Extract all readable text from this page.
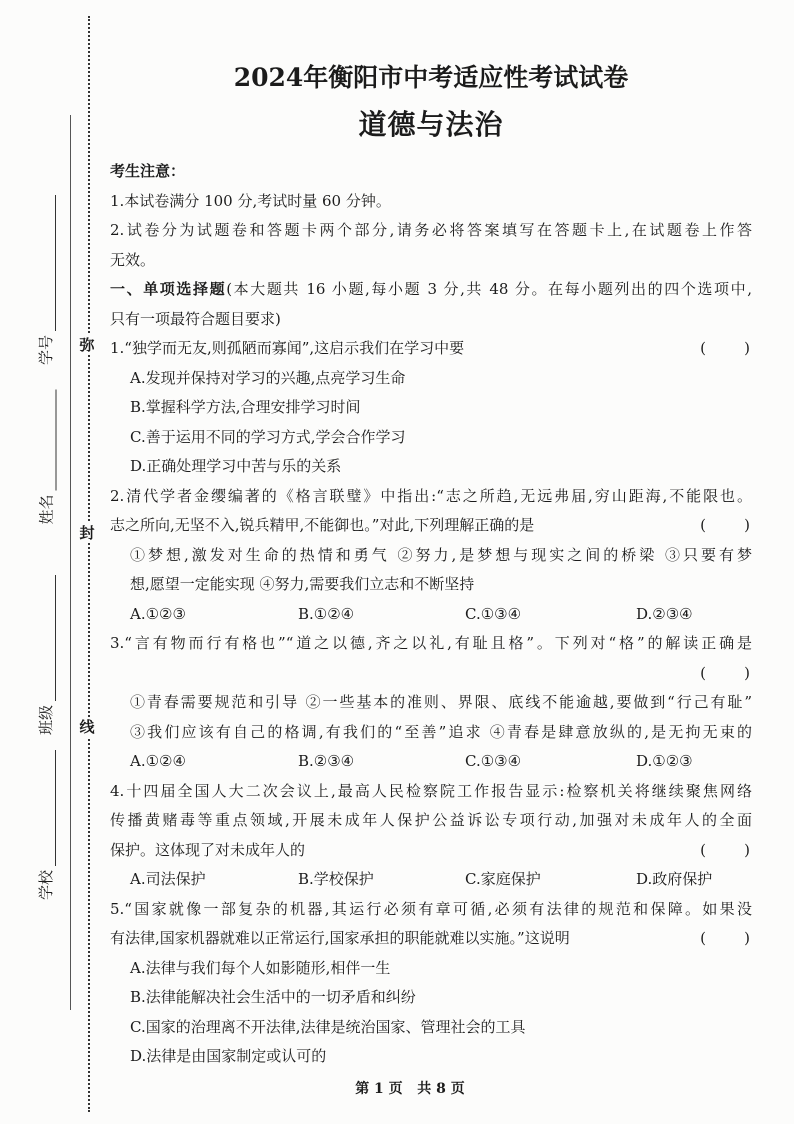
学号
姓名
班级
学校
弥
封
线
2024年衡阳市中考适应性考试试卷
道德与法治
考生注意：
1.本试卷满分 100 分,考试时量 60 分钟。
2.试卷分为试题卷和答题卡两个部分,请务必将答案填写在答题卡上,在试题卷上作答
无效。
一、单项选择题(本大题共 16 小题,每小题 3 分,共 48 分。在每小题列出的四个选项中,
只有一项最符合题目要求)
1.“独学而无友,则孤陋而寡闻”,这启示我们在学习中要	(        )
A.发现并保持对学习的兴趣,点亮学习生命
B.掌握科学方法,合理安排学习时间
C.善于运用不同的学习方式,学会合作学习
D.正确处理学习中苦与乐的关系
2.清代学者金缨编著的《格言联璧》中指出:“志之所趋,无远弗届,穷山距海,不能限也。
志之所向,无坚不入,锐兵精甲,不能御也。”对此,下列理解正确的是	(        )
①梦想,激发对生命的热情和勇气 ②努力,是梦想与现实之间的桥梁 ③只要有梦
想,愿望一定能实现 ④努力,需要我们立志和不断坚持
A.①②③	B.①②④	C.①③④	D.②③④
3.“言有物而行有格也”“道之以德,齐之以礼,有耻且格”。下列对“格”的解读正确是
(        )
①青春需要规范和引导 ②一些基本的准则、界限、底线不能逾越,要做到“行己有耻”
③我们应该有自己的格调,有我们的“至善”追求 ④青春是肆意放纵的,是无拘无束的
A.①②④	B.②③④	C.①③④	D.①②③
4.十四届全国人大二次会议上,最高人民检察院工作报告显示:检察机关将继续聚焦网络
传播黄赌毒等重点领域,开展未成年人保护公益诉讼专项行动,加强对未成年人的全面
保护。这体现了对未成年人的	(        )
A.司法保护	B.学校保护	C.家庭保护	D.政府保护
5.“国家就像一部复杂的机器,其运行必须有章可循,必须有法律的规范和保障。如果没
有法律,国家机器就难以正常运行,国家承担的职能就难以实施。”这说明	(        )
A.法律与我们每个人如影随形,相伴一生
B.法律能解决社会生活中的一切矛盾和纠纷
C.国家的治理离不开法律,法律是统治国家、管理社会的工具
D.法律是由国家制定或认可的
第 1 页   共 8 页
